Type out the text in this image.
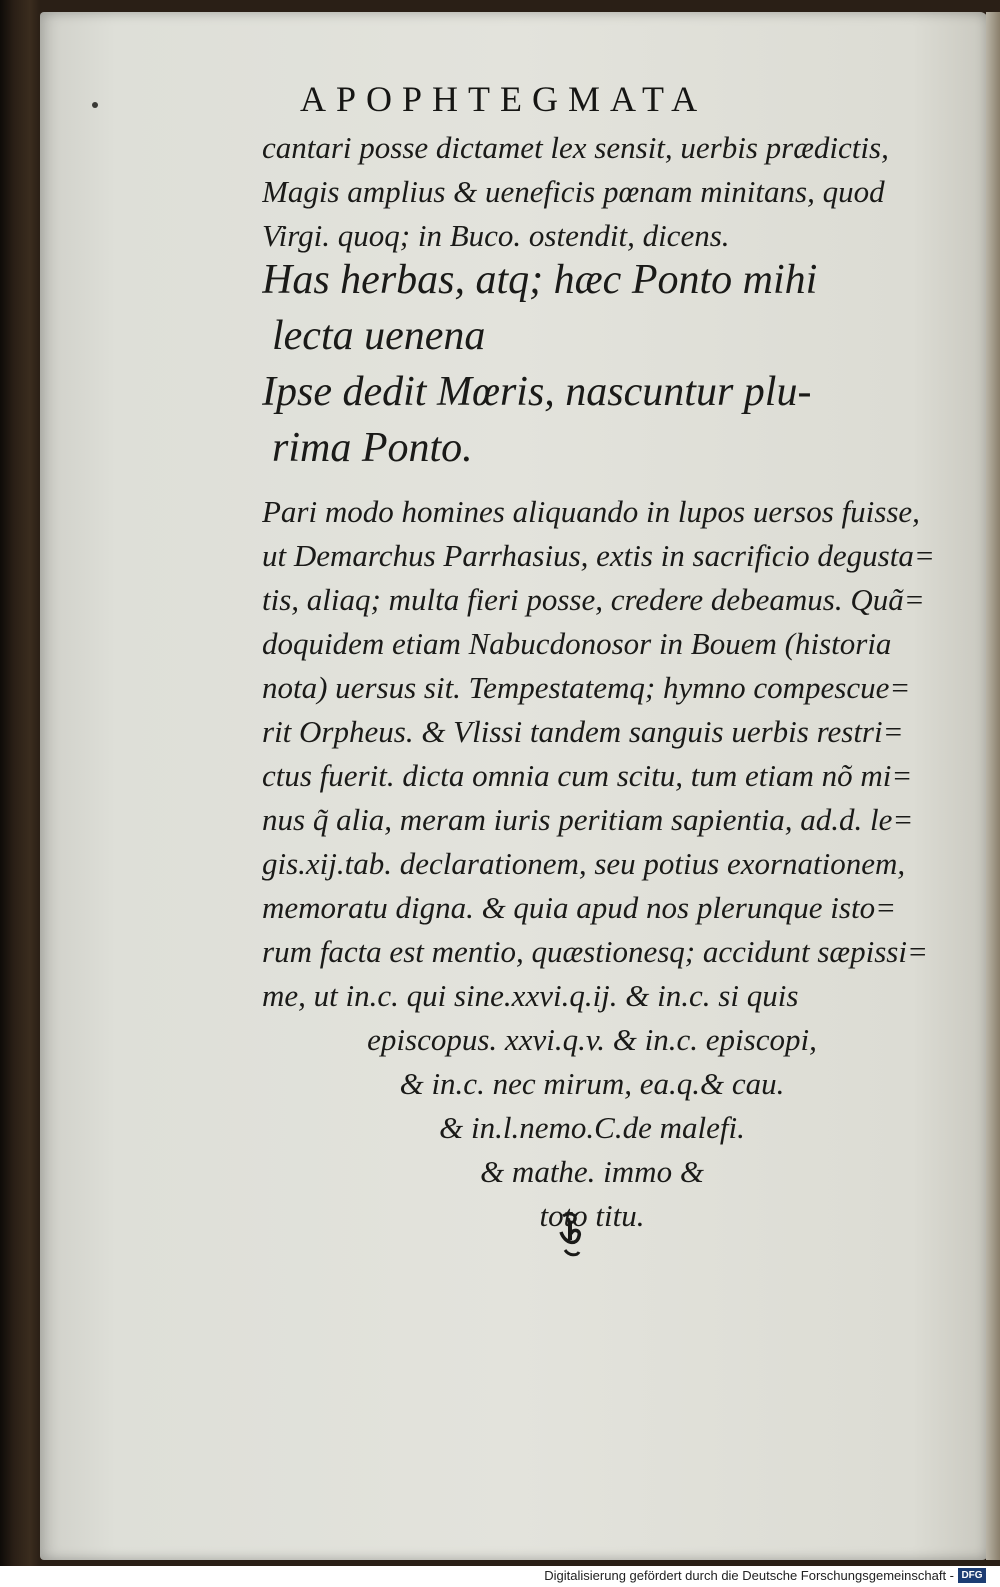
APOPHTEGMATA
cantari posse dictamet lex sensit, uerbis prædictis,
Magis amplius & ueneficis pœnam minitans, quod
Virgi. quoq; in Buco. ostendit, dicens.
Has herbas, atq; hæc Ponto mihi
lecta uenena
Ipse dedit Mœris, nascuntur plu-
rima Ponto.
Pari modo homines aliquando in lupos uersos fuisse,
ut Demarchus Parrhasius, extis in sacrificio degusta=
tis, aliaq; multa fieri posse, credere debeamus. Quã=
doquidem etiam Nabucdonosor in Bouem (historia
nota) uersus sit. Tempestatemq; hymno compescue=
rit Orpheus. & Vlissi tandem sanguis uerbis restri=
ctus fuerit. dicta omnia cum scitu, tum etiam nõ mi=
nus q̃ alia, meram iuris peritiam sapientia, ad.d. le=
gis.xij.tab. declarationem, seu potius exornationem,
memoratu digna. & quia apud nos plerunque isto=
rum facta est mentio, quæstionesq; accidunt sæpissi=
me, ut in.c. qui sine.xxvi.q.ij. & in.c. si quis
episcopus. xxvi.q.v. & in.c. episcopi,
& in.c. nec mirum, ea.q.& cau.
& in.l.nemo.C.de malefi.
& mathe. immo &
toto titu.
Digitalisierung gefördert durch die Deutsche Forschungsgemeinschaft - DFG
